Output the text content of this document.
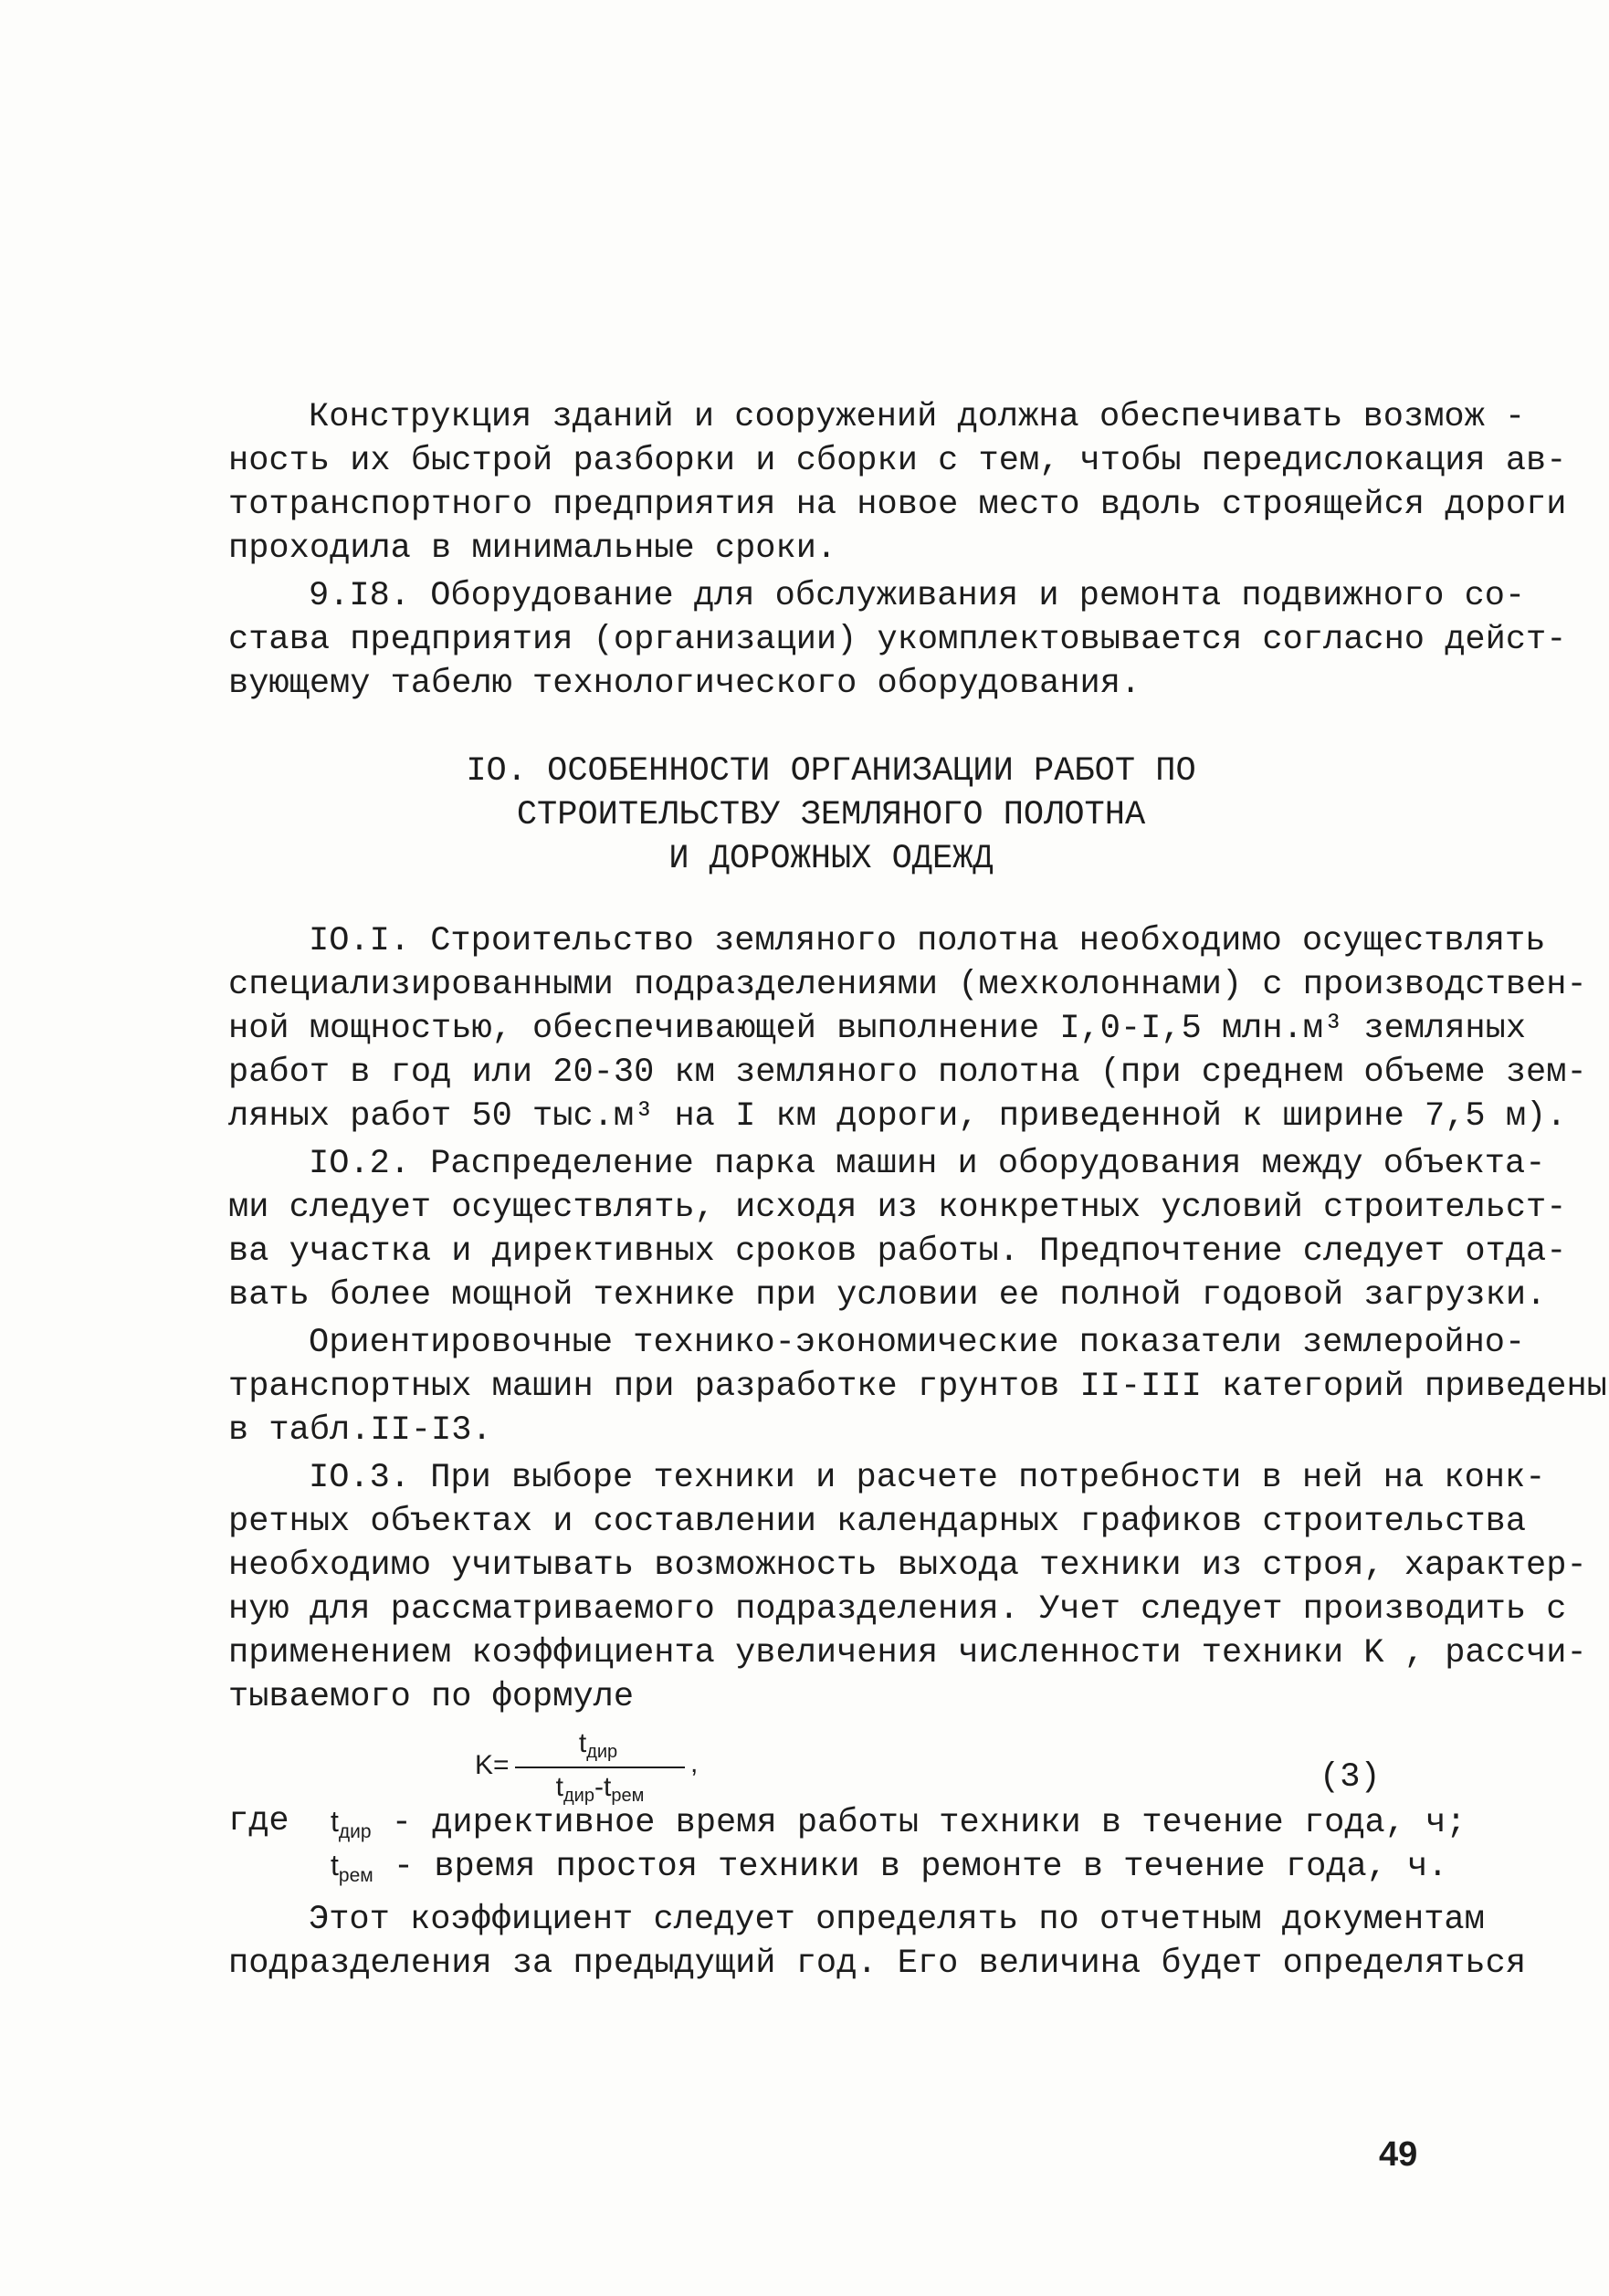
Конструкция зданий и сооружений должна обеспечивать возмож -
ность их быстрой разборки и сборки с тем, чтобы передислокация ав-
тотранспортного предприятия на новое место вдоль строящейся дороги
проходила в минимальные сроки.
9.I8. Оборудование для обслуживания и ремонта подвижного со-
става предприятия (организации) укомплектовывается согласно дейст-
вующему табелю технологического оборудования.
IO. ОСОБЕННОСТИ ОРГАНИЗАЦИИ РАБОТ ПО
СТРОИТЕЛЬСТВУ ЗЕМЛЯНОГО ПОЛОТНА
И ДОРОЖНЫХ ОДЕЖД
IO.I. Строительство земляного полотна необходимо осуществлять
специализированными подразделениями (мехколоннами) с производствен-
ной мощностью, обеспечивающей выполнение I,0-I,5 млн.м³ земляных
работ в год или 20-30 км земляного полотна (при среднем объеме зем-
ляных работ 50 тыс.м³ на I км дороги, приведенной к ширине 7,5 м).
IO.2. Распределение парка машин и оборудования между объекта-
ми следует осуществлять, исходя из конкретных условий строительст-
ва участка и директивных сроков работы. Предпочтение следует отда-
вать более мощной технике при условии ее полной годовой загрузки.
Ориентировочные технико-экономические показатели землеройно-
транспортных машин при разработке грунтов II-III категорий приведены
в табл.II-I3.
IO.3. При выборе техники и расчете потребности в ней на конк-
ретных объектах и составлении календарных графиков строительства
необходимо учитывать возможность выхода техники из строя, характер-
ную для рассматриваемого подразделения. Учет следует производить с
применением коэффициента увеличения численности техники K , рассчи-
тываемого по формуле
K=
$t_{дир}$
$t_{дир}-t_{рем}$
,	(3)
где $t_{дир}$ - директивное время работы техники в течение года, ч;
$t_{рем}$ - время простоя техники в ремонте в течение года, ч.
Этот коэффициент следует определять по отчетным документам
подразделения за предыдущий год. Его величина будет определяться
49
